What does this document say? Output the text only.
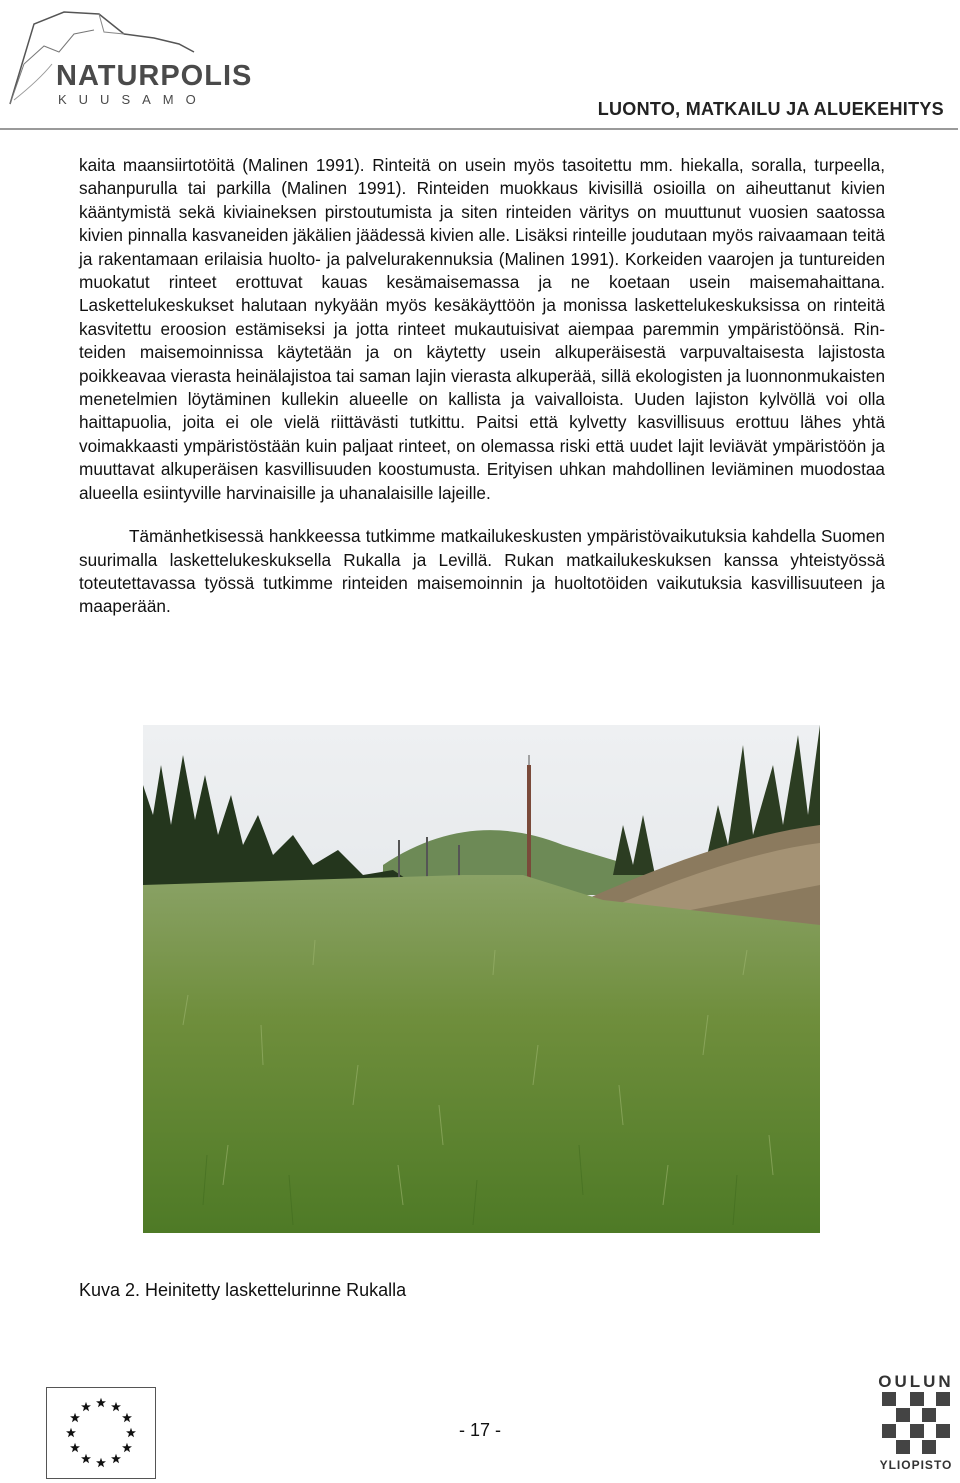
NATURPOLIS
KUUSAMO	LUONTO, MATKAILU JA ALUEKEHITYS

kaita maansiirtotöitä (Malinen 1991). Rinteitä on usein myös tasoitettu mm. hiekalla, soralla, turpeella, sahanpurulla tai parkilla (Malinen 1991). Rinteiden muokkaus kivisillä osioilla on aiheuttanut kivien kääntymistä sekä kiviaineksen pirstoutumista ja siten rinteiden väritys on muuttunut vuosien saatossa kivien pinnalla kasvaneiden jäkälien jäädessä kivien alle. Lisäksi rinteille joudutaan myös raivaamaan teitä ja rakentamaan erilaisia huolto- ja palvelurakennuksia (Malinen 1991). Korkeiden vaarojen ja tuntureiden muokatut rinteet erottuvat kauas kesämaisemassa ja ne koetaan usein maisemahaittana. Laskettelukeskukset halutaan nykyään myös kesäkäyttöön ja monissa laskettelukeskuksissa on rinteitä kasvitettu eroosion estämiseksi ja jotta rinteet mukautuisivat aiempaa paremmin ympäristöönsä. Rinteiden maisemoinnissa käytetään ja on käytetty usein alkuperäisestä varpuvaltaisesta lajistosta poikkeavaa vierasta heinälajistoa tai saman lajin vierasta alkuperää, sillä ekologisten ja luonnonmukaisten menetelmien löytäminen kullekin alueelle on kallista ja vaivalloista. Uuden lajiston kylvöllä voi olla haittapuolia, joita ei ole vielä riittävästi tutkittu. Paitsi että kylvetty kasvillisuus erottuu lähes yhtä voimakkaasti ympäristöstään kuin paljaat rinteet, on olemassa riski että uudet lajit leviävät ympäristöön ja muuttavat alkuperäisen kasvillisuuden koostumusta. Erityisen uhkan mahdollinen leviäminen muodostaa alueella esiintyville harvinaisille ja uhanalaisille lajeille.

Tämänhetkisessä hankkeessa tutkimme matkailukeskusten ympäristövaikutuksia kahdella Suomen suurimalla laskettelukeskuksella Rukalla ja Levillä. Rukan matkailukeskuksen kanssa yhteistyössä toteutettavassa työssä tutkimme rinteiden maisemoinnin ja huoltotöiden vaikutuksia kasvillisuuteen ja maaperään.

Kuva 2. Heinitetty laskettelurinne Rukalla
- 17 -
OULUN
YLIOPISTO
